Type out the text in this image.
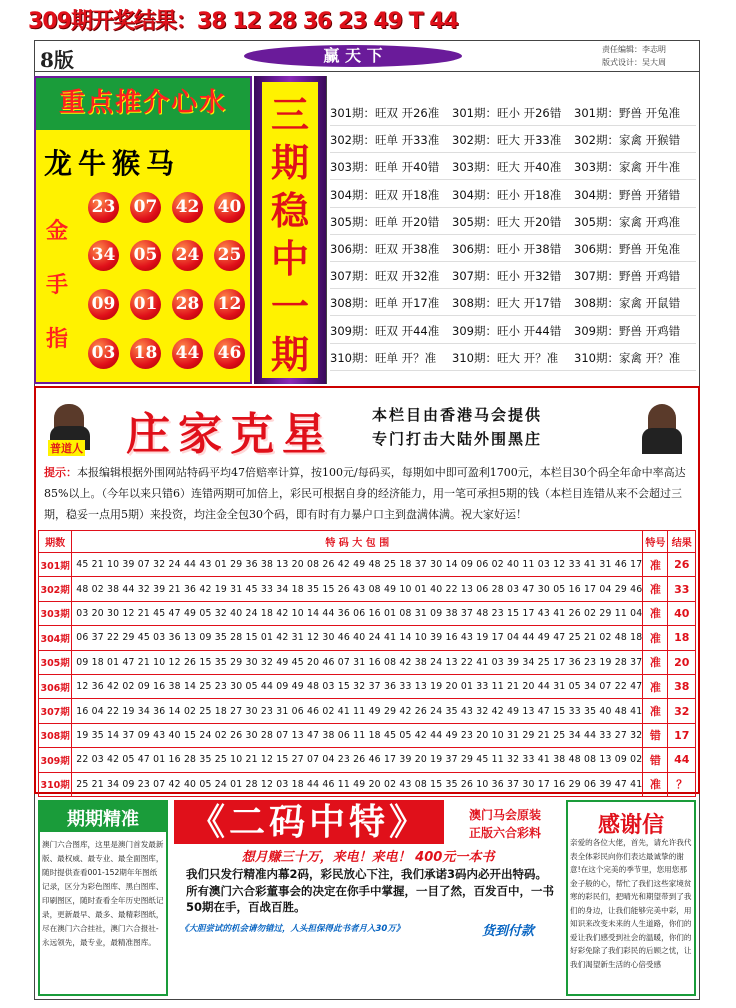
309期开奖结果：38 12 28 36 23 49 T 44
8版	赢 天 下	责任编辑：李志明
版式设计：吴大周
重点推介心水
龙牛猴马
金
手
指
23 07 42 40
34 05 24 25
09 01 28 12
03 18 44 46
三
期
稳
中
一
期
301期：旺双 开26准	301期：旺小 开26错	301期：野兽 开兔准
302期：旺单 开33准	302期：旺大 开33准	302期：家禽 开猴错
303期：旺单 开40错	303期：旺大 开40准	303期：家禽 开牛准
304期：旺双 开18准	304期：旺小 开18准	304期：野兽 开猪错
305期：旺单 开20错	305期：旺大 开20错	305期：家禽 开鸡准
306期：旺双 开38准	306期：旺小 开38错	306期：野兽 开兔准
307期：旺双 开32准	307期：旺小 开32错	307期：野兽 开鸡错
308期：旺单 开17准	308期：旺大 开17错	308期：家禽 开鼠错
309期：旺双 开44准	309期：旺小 开44错	309期：野兽 开鸡错
310期：旺单 开？准	310期：旺大 开？准	310期：家禽 开？准
普道人 庄家克星	本栏目由香港马会提供
专门打击大陆外围黑庄
提示：本报编辑根据外围网站特码平均47倍赔率计算，按100元/每码买，每期如中即可盈利1700元，本栏目30个码全年命中率高达85%以上。（今年以来只错6）连错两期可加倍上，彩民可根据自身的经济能力，用一笔可承担5期的钱（本栏目连错从来不会超过三期，稳妥一点用5期）来投资，均注金全包30个码，即有时有力暴户口主到盘满体满。祝大家好运！
期数	特 码 大 包 围	特号	结果
301期	45 21 10 39 07 32 24 44 43 01 29 36 38 13 20 08 26 42 49 48 25 18 37 30 14 09 06 02 40 11 03 12 33 41 31 46 17	准	26
302期	48 02 38 44 32 39 21 36 42 19 31 45 33 34 18 35 15 26 43 08 49 10 01 40 22 13 06 28 03 47 30 05 16 17 04 29 46	准	33
303期	03 20 30 12 21 45 47 49 05 32 40 24 18 42 10 14 44 36 06 16 01 08 31 09 38 37 48 23 15 17 43 41 26 02 29 11 04	准	40
304期	06 37 22 29 45 03 36 13 09 35 28 15 01 42 31 12 30 46 40 24 41 14 10 39 16 43 19 17 04 44 49 47 25 21 02 48 18	准	18
305期	09 18 01 47 21 10 12 26 15 35 29 30 32 49 45 20 46 07 31 16 08 42 38 24 13 22 41 03 39 34 25 17 36 23 19 28 37	准	20
306期	12 36 42 02 09 16 38 14 25 23 30 05 44 09 49 48 03 15 32 37 36 33 13 19 20 01 33 11 21 20 44 31 05 34 07 22 47	准	38
307期	16 04 22 19 34 36 14 02 25 18 27 30 23 31 06 46 02 41 11 49 29 42 26 24 35 43 32 42 49 13 47 15 33 35 40 48 41	准	32
308期	19 35 14 37 09 43 40 15 24 02 26 30 28 07 13 47 38 06 11 18 45 05 42 44 49 23 20 10 31 29 21 25 34 44 33 27 32	错	17
309期	22 03 42 05 47 01 16 28 35 25 10 21 12 15 27 07 04 23 26 46 17 39 20 19 37 29 45 11 32 33 41 38 48 08 13 09 02	错	44
310期	25 21 34 09 23 07 42 40 05 24 01 28 12 03 18 44 46 11 49 20 02 43 08 15 35 26 10 36 37 30 17 16 29 06 39 47 41	准	？
期期精准
澳门六合图库，这里是澳门首发最新版、最权威、最专业、最全面图库，随时提供查看001-152期年年图纸记录，区分为彩色图库、黑白图库、印刷图区，随时查看全年历史图纸记录，更新最早、最多、最精彩图纸，尽在澳门六合挂社，澳门六合报社-永远领先，最专业，最精准图库。
《二码中特》	澳门马会原装
正版六合彩料
想月赚三十万，来电！来电！ 400元一本书
我们只发行精准内幕2码，彩民放心下注，我们承诺3码内必开出特码。所有澳门六合彩董事会的决定在你手中掌握，一目了然，百发百中，一书50期在手，百战百胜。
《大胆尝试的机会请勿错过，人头担保得此书者月入30万》	货到付款
感谢信
亲爱的各位大佬，首先，请允许我代表全体彩民向你们表达最诚挚的谢意!在这个完美的季节里，您用您那金子般的心，帮忙了我们这些家境贫寒的彩民们，把晴光和期望带到了我们的身边，让我们能够完美中彩，用知识来改变未来的人生道路，你们的爱让我们感受到社会的温暖，你们的好彩免除了我们彩民的后顾之忧，让我们渴望新生活的心倍受感
